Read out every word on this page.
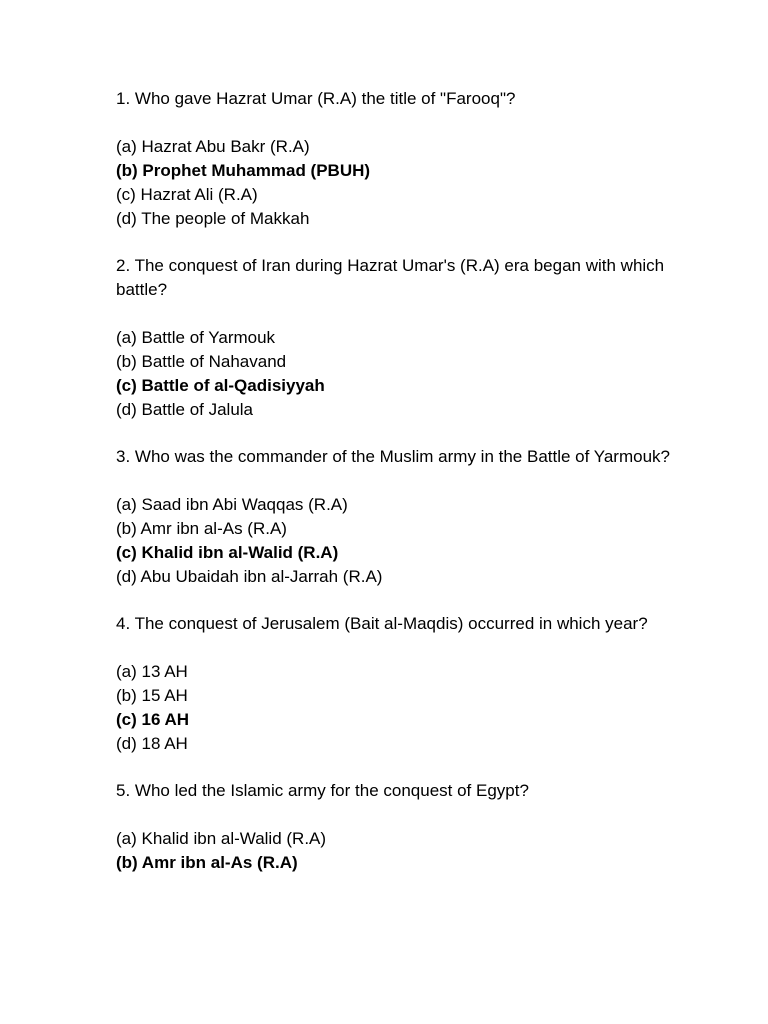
1. Who gave Hazrat Umar (R.A) the title of "Farooq"?
(a) Hazrat Abu Bakr (R.A)
(b) Prophet Muhammad (PBUH)
(c) Hazrat Ali (R.A)
(d) The people of Makkah
2. The conquest of Iran during Hazrat Umar's (R.A) era began with which battle?
(a) Battle of Yarmouk
(b) Battle of Nahavand
(c) Battle of al-Qadisiyyah
(d) Battle of Jalula
3. Who was the commander of the Muslim army in the Battle of Yarmouk?
(a) Saad ibn Abi Waqqas (R.A)
(b) Amr ibn al-As (R.A)
(c) Khalid ibn al-Walid (R.A)
(d) Abu Ubaidah ibn al-Jarrah (R.A)
4. The conquest of Jerusalem (Bait al-Maqdis) occurred in which year?
(a) 13 AH
(b) 15 AH
(c) 16 AH
(d) 18 AH
5. Who led the Islamic army for the conquest of Egypt?
(a) Khalid ibn al-Walid (R.A)
(b) Amr ibn al-As (R.A)
